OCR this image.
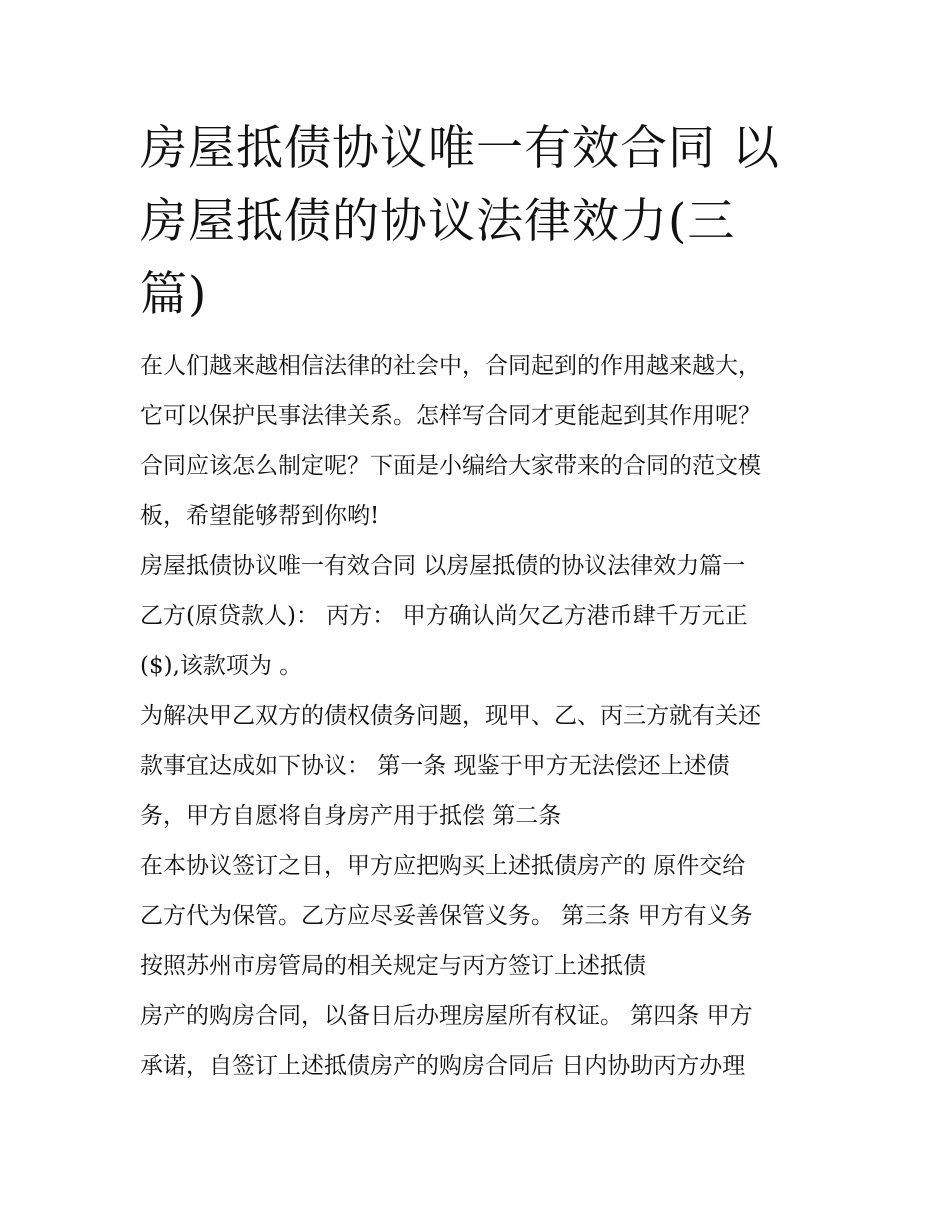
房屋抵债协议唯一有效合同 以
房屋抵债的协议法律效力(三
篇)

在人们越来越相信法律的社会中，合同起到的作用越来越大，
它可以保护民事法律关系。怎样写合同才更能起到其作用呢？
合同应该怎么制定呢？下面是小编给大家带来的合同的范文模
板，希望能够帮到你哟!

房屋抵债协议唯一有效合同 以房屋抵债的协议法律效力篇一

乙方(原贷款人)： 丙方： 甲方确认尚欠乙方港币肆千万元正
($),该款项为 。

为解决甲乙双方的债权债务问题，现甲、乙、丙三方就有关还
款事宜达成如下协议： 第一条 现鉴于甲方无法偿还上述债
务，甲方自愿将自身房产用于抵偿 第二条

在本协议签订之日，甲方应把购买上述抵债房产的 原件交给
乙方代为保管。乙方应尽妥善保管义务。 第三条 甲方有义务
按照苏州市房管局的相关规定与丙方签订上述抵债

房产的购房合同，以备日后办理房屋所有权证。 第四条 甲方
承诺，自签订上述抵债房产的购房合同后 日内协助丙方办理
